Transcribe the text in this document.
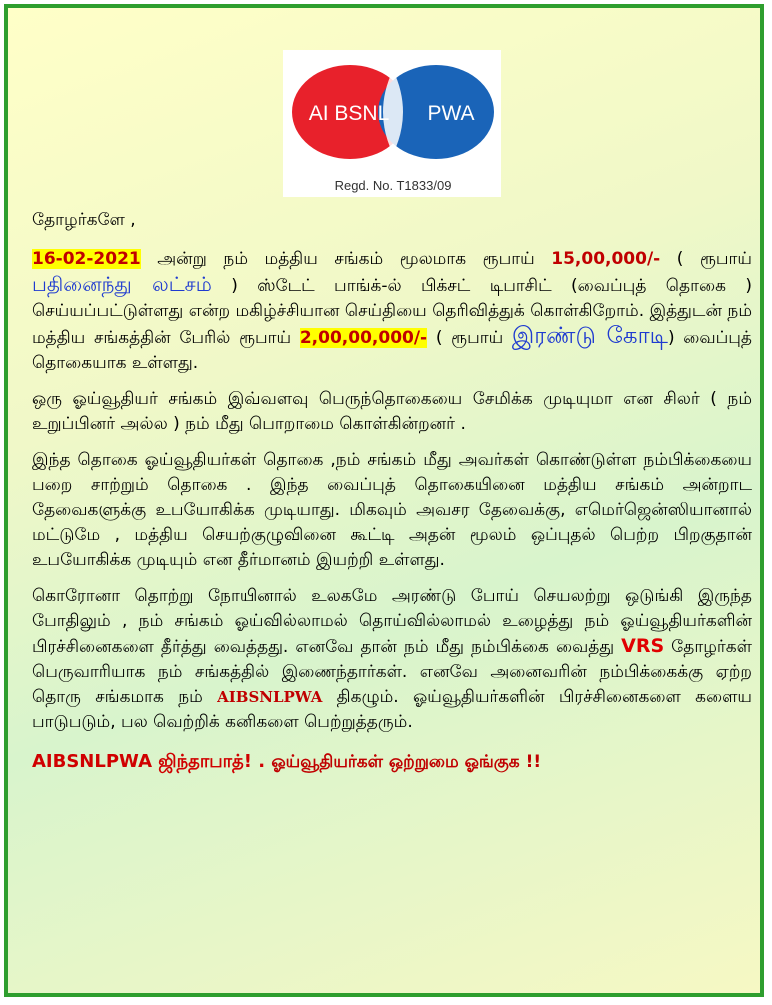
AI BSNL PWA
Regd. No. T1833/09

தோழர்களே ,

16-02-2021 அன்று நம் மத்திய சங்கம் மூலமாக ரூபாய் 15,00,000/- ( ரூபாய் பதினைந்து லட்சம் ) ஸ்டேட் பாங்க்-ல் பிக்சட் டிபாசிட் (வைப்புத் தொகை ) செய்யப்பட்டுள்ளது என்ற மகிழ்ச்சியான செய்தியை தெரிவித்துக் கொள்கிறோம். இத்துடன் நம் மத்திய சங்கத்தின் பேரில் ரூபாய் 2,00,00,000/- ( ரூபாய் இரண்டு கோடி) வைப்புத் தொகையாக உள்ளது.

ஒரு ஓய்வூதியர் சங்கம் இவ்வளவு பெருந்தொகையை சேமிக்க முடியுமா என சிலர் ( நம் உறுப்பினர் அல்ல ) நம் மீது பொறாமை கொள்கின்றனர் .

இந்த தொகை ஓய்வூதியர்கள் தொகை ,நம் சங்கம் மீது அவர்கள் கொண்டுள்ள நம்பிக்கையை பறை சாற்றும் தொகை . இந்த வைப்புத் தொகையினை மத்திய சங்கம் அன்றாட தேவைகளுக்கு உபயோகிக்க முடியாது. மிகவும் அவசர தேவைக்கு, எமெர்ஜென்ஸியானால் மட்டுமே , மத்திய செயற்குழுவினை கூட்டி அதன் மூலம் ஒப்புதல் பெற்ற பிறகுதான் உபயோகிக்க முடியும் என தீர்மானம் இயற்றி உள்ளது.

கொரோனா தொற்று நோயினால் உலகமே அரண்டு போய் செயலற்று ஒடுங்கி இருந்த போதிலும் , நம் சங்கம் ஓய்வில்லாமல் தொய்வில்லாமல் உழைத்து நம் ஓய்வூதியர்களின் பிரச்சினைகளை தீர்த்து வைத்தது. எனவே தான் நம் மீது நம்பிக்கை வைத்து VRS தோழர்கள் பெருவாரியாக நம் சங்கத்தில் இணைந்தார்கள். எனவே அனைவரின் நம்பிக்கைக்கு ஏற்ற தொரு சங்கமாக நம் AIBSNLPWA திகழும். ஓய்வூதியர்களின் பிரச்சினைகளை களைய பாடுபடும், பல வெற்றிக் கனிகளை பெற்றுத்தரும்.

AIBSNLPWA ஜிந்தாபாத்! . ஓய்வூதியர்கள் ஒற்றுமை ஓங்குக !!
